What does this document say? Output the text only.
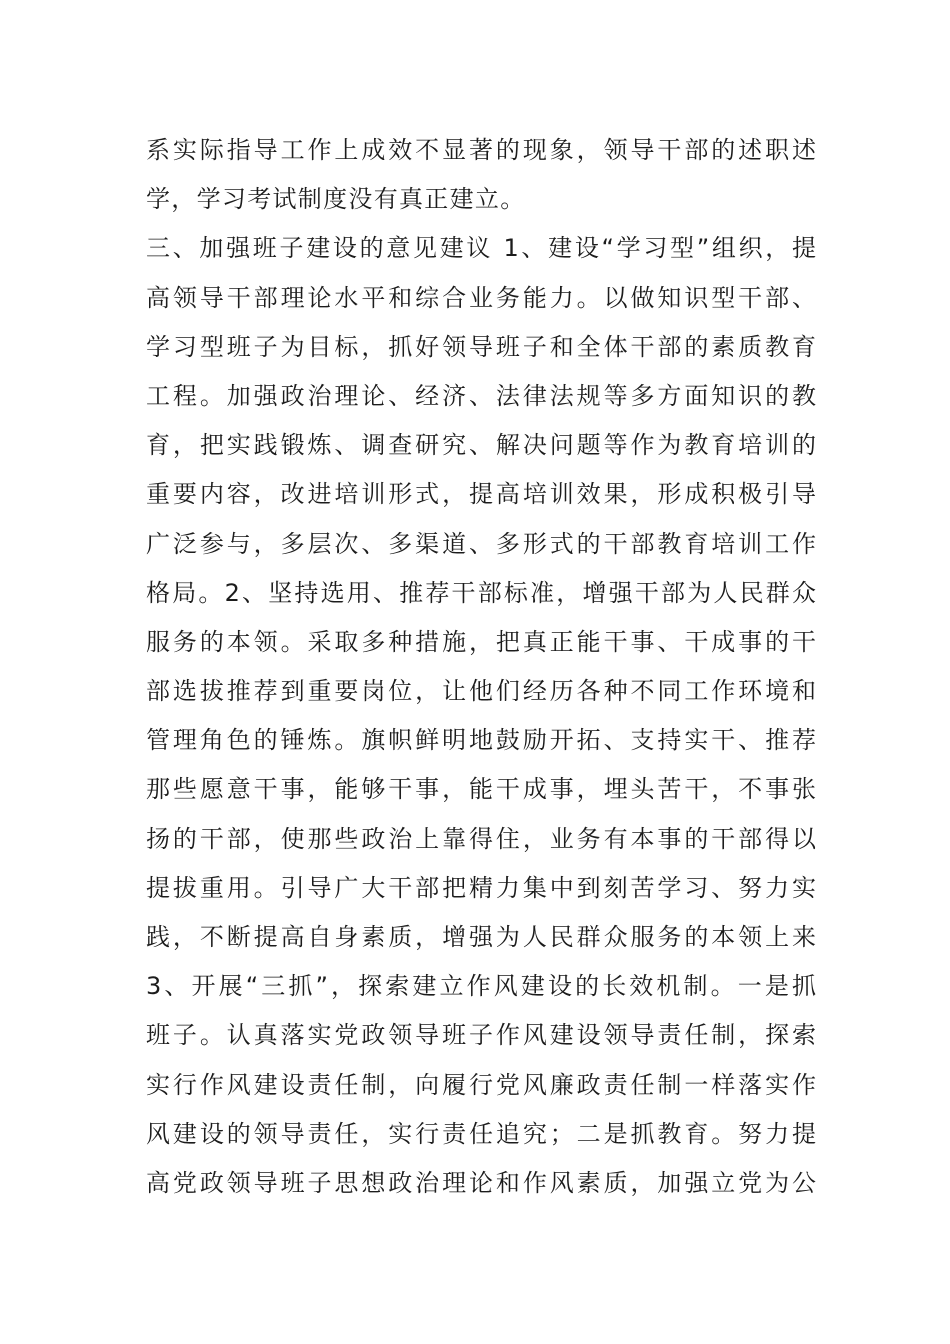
系实际指导工作上成效不显著的现象，领导干部的述职述
学，学习考试制度没有真正建立。
三、加强班子建设的意见建议 1、建设“学习型”组织，提
高领导干部理论水平和综合业务能力。以做知识型干部、
学习型班子为目标，抓好领导班子和全体干部的素质教育
工程。加强政治理论、经济、法律法规等多方面知识的教
育，把实践锻炼、调查研究、解决问题等作为教育培训的
重要内容，改进培训形式，提高培训效果，形成积极引导
广泛参与，多层次、多渠道、多形式的干部教育培训工作
格局。2、坚持选用、推荐干部标准，增强干部为人民群众
服务的本领。采取多种措施，把真正能干事、干成事的干
部选拔推荐到重要岗位，让他们经历各种不同工作环境和
管理角色的锤炼。旗帜鲜明地鼓励开拓、支持实干、推荐
那些愿意干事，能够干事，能干成事，埋头苦干，不事张
扬的干部，使那些政治上靠得住，业务有本事的干部得以
提拔重用。引导广大干部把精力集中到刻苦学习、努力实
践，不断提高自身素质，增强为人民群众服务的本领上来
3、开展“三抓”，探索建立作风建设的长效机制。一是抓
班子。认真落实党政领导班子作风建设领导责任制，探索
实行作风建设责任制，向履行党风廉政责任制一样落实作
风建设的领导责任，实行责任追究；二是抓教育。努力提
高党政领导班子思想政治理论和作风素质，加强立党为公
